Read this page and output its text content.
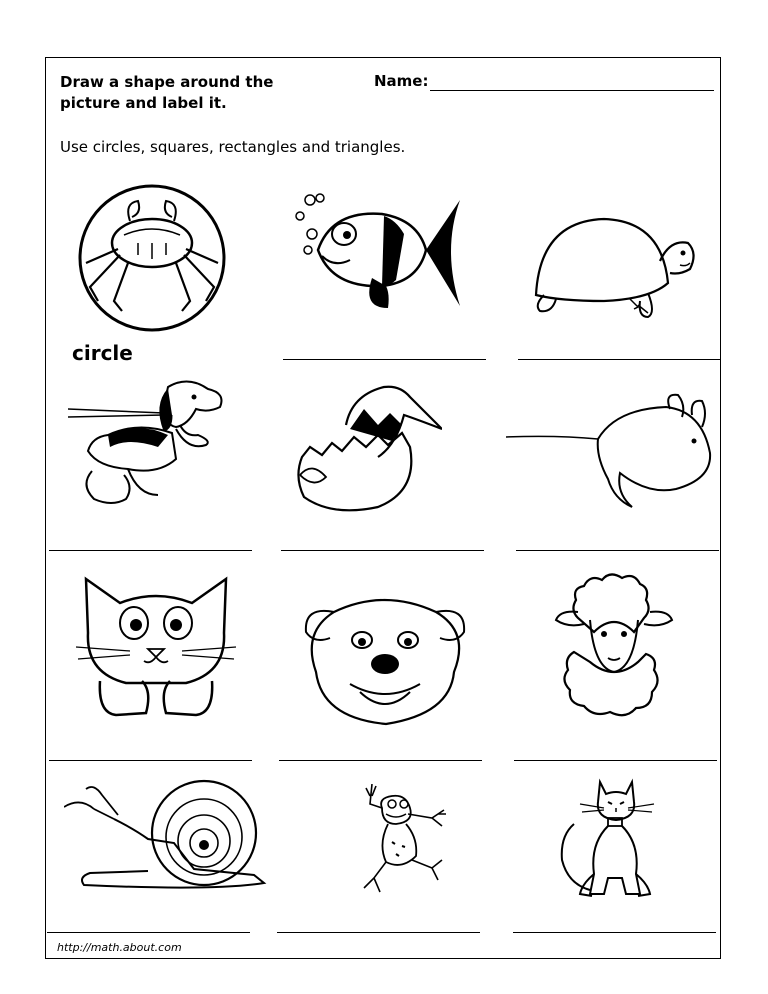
Draw a shape around the picture and label it.
Name:
Use circles, squares, rectangles and triangles.
circle
http://math.about.com
